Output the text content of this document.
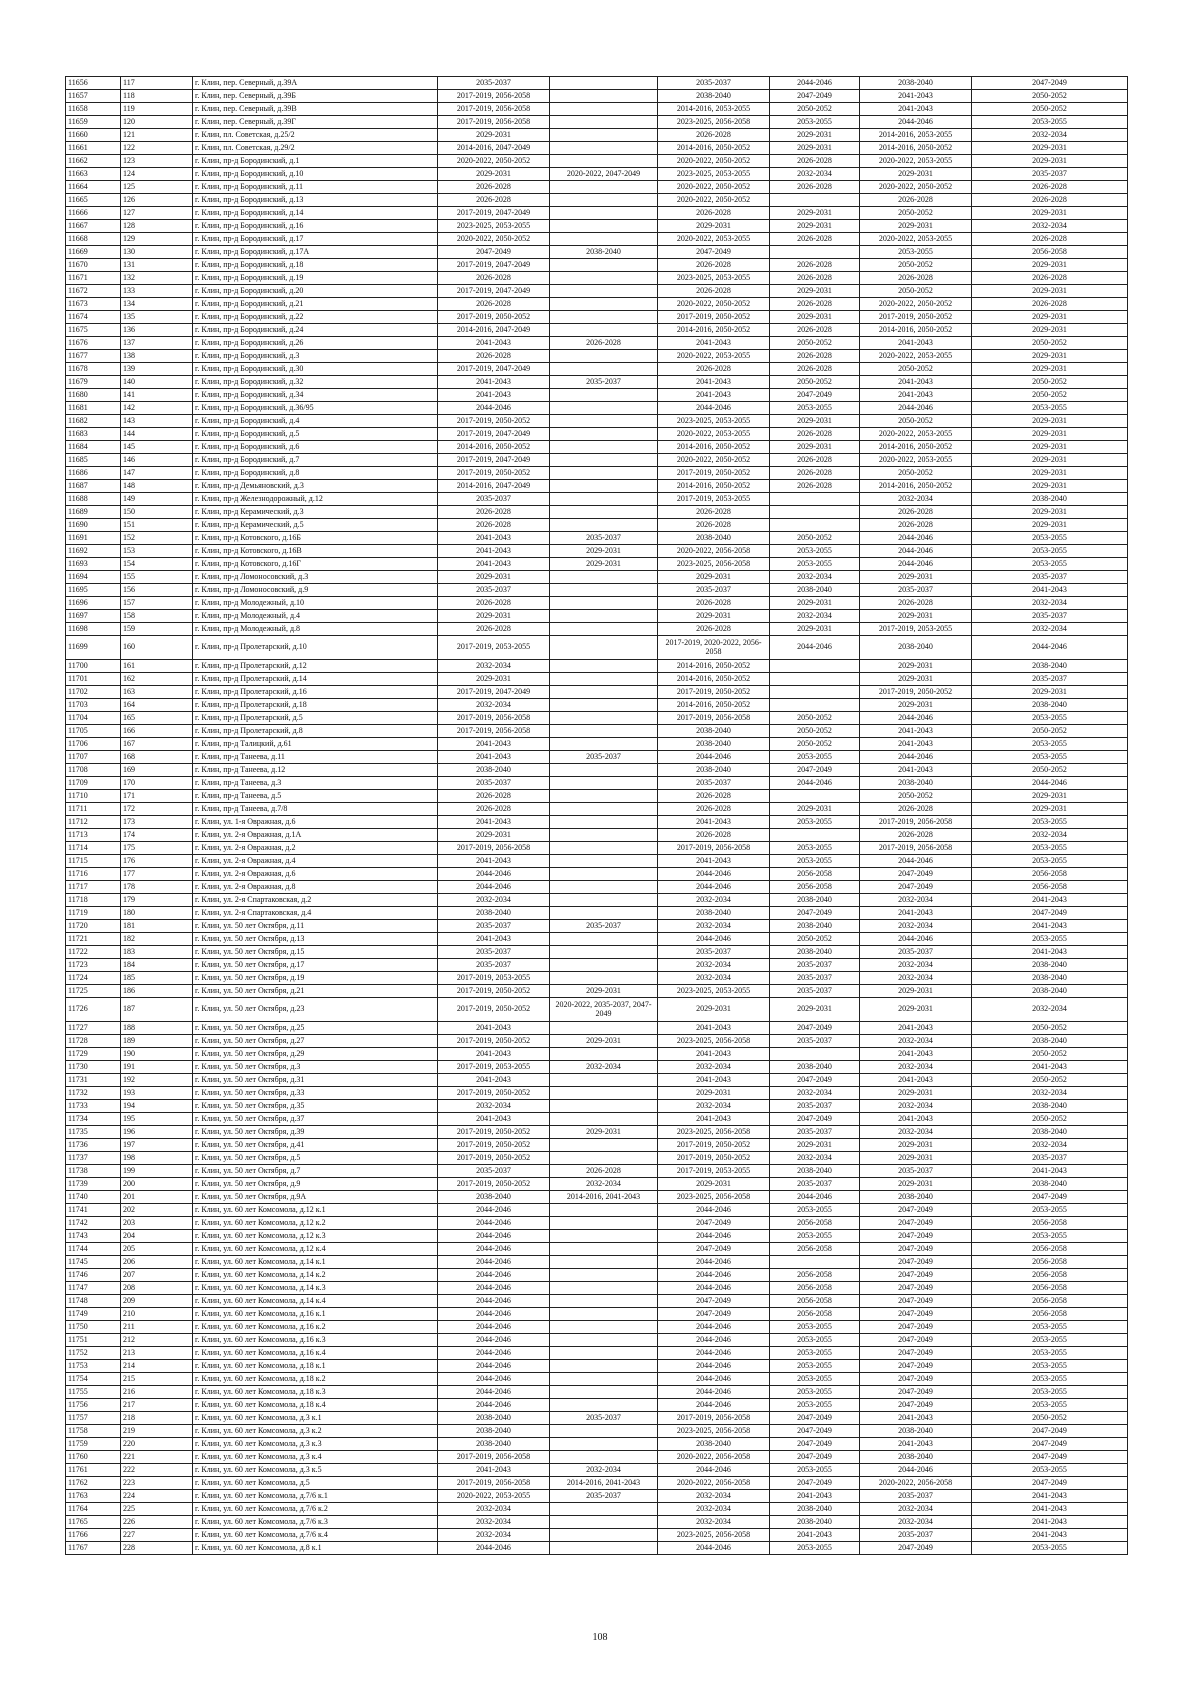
11656	117	г. Клин, пер. Северный, д.39А	2035-2037		2035-2037	2044-2046	2038-2040	2047-2049
11657	118	г. Клин, пер. Северный, д.39Б	2017-2019, 2056-2058		2038-2040	2047-2049	2041-2043	2050-2052
11658	119	г. Клин, пер. Северный, д.39В	2017-2019, 2056-2058		2014-2016, 2053-2055	2050-2052	2041-2043	2050-2052
11659	120	г. Клин, пер. Северный, д.39Г	2017-2019, 2056-2058		2023-2025, 2056-2058	2053-2055	2044-2046	2053-2055
11660	121	г. Клин, пл. Советская, д.25/2	2029-2031		2026-2028	2029-2031	2014-2016, 2053-2055	2032-2034
11661	122	г. Клин, пл. Советская, д.29/2	2014-2016, 2047-2049		2014-2016, 2050-2052	2029-2031	2014-2016, 2050-2052	2029-2031
11662	123	г. Клин, пр-д Бородинский, д.1	2020-2022, 2050-2052		2020-2022, 2050-2052	2026-2028	2020-2022, 2053-2055	2029-2031
11663	124	г. Клин, пр-д Бородинский, д.10	2029-2031	2020-2022, 2047-2049	2023-2025, 2053-2055	2032-2034	2029-2031	2035-2037
11664	125	г. Клин, пр-д Бородинский, д.11	2026-2028		2020-2022, 2050-2052	2026-2028	2020-2022, 2050-2052	2026-2028
11665	126	г. Клин, пр-д Бородинский, д.13	2026-2028		2020-2022, 2050-2052		2026-2028	2026-2028
11666	127	г. Клин, пр-д Бородинский, д.14	2017-2019, 2047-2049		2026-2028	2029-2031	2050-2052	2029-2031
11667	128	г. Клин, пр-д Бородинский, д.16	2023-2025, 2053-2055		2029-2031	2029-2031	2029-2031	2032-2034
11668	129	г. Клин, пр-д Бородинский, д.17	2020-2022, 2050-2052		2020-2022, 2053-2055	2026-2028	2020-2022, 2053-2055	2026-2028
11669	130	г. Клин, пр-д Бородинский, д.17А	2047-2049	2038-2040	2047-2049		2053-2055	2056-2058
11670	131	г. Клин, пр-д Бородинский, д.18	2017-2019, 2047-2049		2026-2028	2026-2028	2050-2052	2029-2031
11671	132	г. Клин, пр-д Бородинский, д.19	2026-2028		2023-2025, 2053-2055	2026-2028	2026-2028	2026-2028
11672	133	г. Клин, пр-д Бородинский, д.20	2017-2019, 2047-2049		2026-2028	2029-2031	2050-2052	2029-2031
11673	134	г. Клин, пр-д Бородинский, д.21	2026-2028		2020-2022, 2050-2052	2026-2028	2020-2022, 2050-2052	2026-2028
11674	135	г. Клин, пр-д Бородинский, д.22	2017-2019, 2050-2052		2017-2019, 2050-2052	2029-2031	2017-2019, 2050-2052	2029-2031
11675	136	г. Клин, пр-д Бородинский, д.24	2014-2016, 2047-2049		2014-2016, 2050-2052	2026-2028	2014-2016, 2050-2052	2029-2031
11676	137	г. Клин, пр-д Бородинский, д.26	2041-2043	2026-2028	2041-2043	2050-2052	2041-2043	2050-2052
11677	138	г. Клин, пр-д Бородинский, д.3	2026-2028		2020-2022, 2053-2055	2026-2028	2020-2022, 2053-2055	2029-2031
11678	139	г. Клин, пр-д Бородинский, д.30	2017-2019, 2047-2049		2026-2028	2026-2028	2050-2052	2029-2031
11679	140	г. Клин, пр-д Бородинский, д.32	2041-2043	2035-2037	2041-2043	2050-2052	2041-2043	2050-2052
11680	141	г. Клин, пр-д Бородинский, д.34	2041-2043		2041-2043	2047-2049	2041-2043	2050-2052
11681	142	г. Клин, пр-д Бородинский, д.36/95	2044-2046		2044-2046	2053-2055	2044-2046	2053-2055
11682	143	г. Клин, пр-д Бородинский, д.4	2017-2019, 2050-2052		2023-2025, 2053-2055	2029-2031	2050-2052	2029-2031
11683	144	г. Клин, пр-д Бородинский, д.5	2017-2019, 2047-2049		2020-2022, 2053-2055	2026-2028	2020-2022, 2053-2055	2029-2031
11684	145	г. Клин, пр-д Бородинский, д.6	2014-2016, 2050-2052		2014-2016, 2050-2052	2029-2031	2014-2016, 2050-2052	2029-2031
11685	146	г. Клин, пр-д Бородинский, д.7	2017-2019, 2047-2049		2020-2022, 2050-2052	2026-2028	2020-2022, 2053-2055	2029-2031
11686	147	г. Клин, пр-д Бородинский, д.8	2017-2019, 2050-2052		2017-2019, 2050-2052	2026-2028	2050-2052	2029-2031
11687	148	г. Клин, пр-д Демьяновский, д.3	2014-2016, 2047-2049		2014-2016, 2050-2052	2026-2028	2014-2016, 2050-2052	2029-2031
11688	149	г. Клин, пр-д Железнодорожный, д.12	2035-2037		2017-2019, 2053-2055		2032-2034	2038-2040
11689	150	г. Клин, пр-д Керамический, д.3	2026-2028		2026-2028		2026-2028	2029-2031
11690	151	г. Клин, пр-д Керамический, д.5	2026-2028		2026-2028		2026-2028	2029-2031
11691	152	г. Клин, пр-д Котовского, д.16Б	2041-2043	2035-2037	2038-2040	2050-2052	2044-2046	2053-2055
11692	153	г. Клин, пр-д Котовского, д.16В	2041-2043	2029-2031	2020-2022, 2056-2058	2053-2055	2044-2046	2053-2055
11693	154	г. Клин, пр-д Котовского, д.16Г	2041-2043	2029-2031	2023-2025, 2056-2058	2053-2055	2044-2046	2053-2055
11694	155	г. Клин, пр-д Ломоносовский, д.3	2029-2031		2029-2031	2032-2034	2029-2031	2035-2037
11695	156	г. Клин, пр-д Ломоносовский, д.9	2035-2037		2035-2037	2038-2040	2035-2037	2041-2043
11696	157	г. Клин, пр-д Молодежный, д.10	2026-2028		2026-2028	2029-2031	2026-2028	2032-2034
11697	158	г. Клин, пр-д Молодежный, д.4	2029-2031		2029-2031	2032-2034	2029-2031	2035-2037
11698	159	г. Клин, пр-д Молодежный, д.8	2026-2028		2026-2028	2029-2031	2017-2019, 2053-2055	2032-2034
11699	160	г. Клин, пр-д Пролетарский, д.10	2017-2019, 2053-2055		2017-2019, 2020-2022, 2056-2058	2044-2046	2038-2040	2044-2046
11700	161	г. Клин, пр-д Пролетарский, д.12	2032-2034		2014-2016, 2050-2052		2029-2031	2038-2040
11701	162	г. Клин, пр-д Пролетарский, д.14	2029-2031		2014-2016, 2050-2052		2029-2031	2035-2037
11702	163	г. Клин, пр-д Пролетарский, д.16	2017-2019, 2047-2049		2017-2019, 2050-2052		2017-2019, 2050-2052	2029-2031
11703	164	г. Клин, пр-д Пролетарский, д.18	2032-2034		2014-2016, 2050-2052		2029-2031	2038-2040
11704	165	г. Клин, пр-д Пролетарский, д.5	2017-2019, 2056-2058		2017-2019, 2056-2058	2050-2052	2044-2046	2053-2055
11705	166	г. Клин, пр-д Пролетарский, д.8	2017-2019, 2056-2058		2038-2040	2050-2052	2041-2043	2050-2052
11706	167	г. Клин, пр-д Талицкий, д.61	2041-2043		2038-2040	2050-2052	2041-2043	2053-2055
11707	168	г. Клин, пр-д Танеева, д.11	2041-2043	2035-2037	2044-2046	2053-2055	2044-2046	2053-2055
11708	169	г. Клин, пр-д Танеева, д.12	2038-2040		2038-2040	2047-2049	2041-2043	2050-2052
11709	170	г. Клин, пр-д Танеева, д.3	2035-2037		2035-2037	2044-2046	2038-2040	2044-2046
11710	171	г. Клин, пр-д Танеева, д.5	2026-2028		2026-2028		2050-2052	2029-2031
11711	172	г. Клин, пр-д Танеева, д.7/8	2026-2028		2026-2028	2029-2031	2026-2028	2029-2031
11712	173	г. Клин, ул. 1-я Овражная, д.6	2041-2043		2041-2043	2053-2055	2017-2019, 2056-2058	2053-2055
11713	174	г. Клин, ул. 2-я Овражная, д.1А	2029-2031		2026-2028		2026-2028	2032-2034
11714	175	г. Клин, ул. 2-я Овражная, д.2	2017-2019, 2056-2058		2017-2019, 2056-2058	2053-2055	2017-2019, 2056-2058	2053-2055
11715	176	г. Клин, ул. 2-я Овражная, д.4	2041-2043		2041-2043	2053-2055	2044-2046	2053-2055
11716	177	г. Клин, ул. 2-я Овражная, д.6	2044-2046		2044-2046	2056-2058	2047-2049	2056-2058
11717	178	г. Клин, ул. 2-я Овражная, д.8	2044-2046		2044-2046	2056-2058	2047-2049	2056-2058
11718	179	г. Клин, ул. 2-я Спартаковская, д.2	2032-2034		2032-2034	2038-2040	2032-2034	2041-2043
11719	180	г. Клин, ул. 2-я Спартаковская, д.4	2038-2040		2038-2040	2047-2049	2041-2043	2047-2049
11720	181	г. Клин, ул. 50 лет Октября, д.11	2035-2037	2035-2037	2032-2034	2038-2040	2032-2034	2041-2043
11721	182	г. Клин, ул. 50 лет Октября, д.13	2041-2043		2044-2046	2050-2052	2044-2046	2053-2055
11722	183	г. Клин, ул. 50 лет Октября, д.15	2035-2037		2035-2037	2038-2040	2035-2037	2041-2043
11723	184	г. Клин, ул. 50 лет Октября, д.17	2035-2037		2032-2034	2035-2037	2032-2034	2038-2040
11724	185	г. Клин, ул. 50 лет Октября, д.19	2017-2019, 2053-2055		2032-2034	2035-2037	2032-2034	2038-2040
11725	186	г. Клин, ул. 50 лет Октября, д.21	2017-2019, 2050-2052	2029-2031	2023-2025, 2053-2055	2035-2037	2029-2031	2038-2040
11726	187	г. Клин, ул. 50 лет Октября, д.23	2017-2019, 2050-2052	2020-2022, 2035-2037, 2047-2049	2029-2031	2029-2031	2029-2031	2032-2034
11727	188	г. Клин, ул. 50 лет Октября, д.25	2041-2043		2041-2043	2047-2049	2041-2043	2050-2052
11728	189	г. Клин, ул. 50 лет Октября, д.27	2017-2019, 2050-2052	2029-2031	2023-2025, 2056-2058	2035-2037	2032-2034	2038-2040
11729	190	г. Клин, ул. 50 лет Октября, д.29	2041-2043		2041-2043		2041-2043	2050-2052
11730	191	г. Клин, ул. 50 лет Октября, д.3	2017-2019, 2053-2055	2032-2034	2032-2034	2038-2040	2032-2034	2041-2043
11731	192	г. Клин, ул. 50 лет Октября, д.31	2041-2043		2041-2043	2047-2049	2041-2043	2050-2052
11732	193	г. Клин, ул. 50 лет Октября, д.33	2017-2019, 2050-2052		2029-2031	2032-2034	2029-2031	2032-2034
11733	194	г. Клин, ул. 50 лет Октября, д.35	2032-2034		2032-2034	2035-2037	2032-2034	2038-2040
11734	195	г. Клин, ул. 50 лет Октября, д.37	2041-2043		2041-2043	2047-2049	2041-2043	2050-2052
11735	196	г. Клин, ул. 50 лет Октября, д.39	2017-2019, 2050-2052	2029-2031	2023-2025, 2056-2058	2035-2037	2032-2034	2038-2040
11736	197	г. Клин, ул. 50 лет Октября, д.41	2017-2019, 2050-2052		2017-2019, 2050-2052	2029-2031	2029-2031	2032-2034
11737	198	г. Клин, ул. 50 лет Октября, д.5	2017-2019, 2050-2052		2017-2019, 2050-2052	2032-2034	2029-2031	2035-2037
11738	199	г. Клин, ул. 50 лет Октября, д.7	2035-2037	2026-2028	2017-2019, 2053-2055	2038-2040	2035-2037	2041-2043
11739	200	г. Клин, ул. 50 лет Октября, д.9	2017-2019, 2050-2052	2032-2034	2029-2031	2035-2037	2029-2031	2038-2040
11740	201	г. Клин, ул. 50 лет Октября, д.9А	2038-2040	2014-2016, 2041-2043	2023-2025, 2056-2058	2044-2046	2038-2040	2047-2049
11741	202	г. Клин, ул. 60 лет Комсомола, д.12 к.1	2044-2046		2044-2046	2053-2055	2047-2049	2053-2055
11742	203	г. Клин, ул. 60 лет Комсомола, д.12 к.2	2044-2046		2047-2049	2056-2058	2047-2049	2056-2058
11743	204	г. Клин, ул. 60 лет Комсомола, д.12 к.3	2044-2046		2044-2046	2053-2055	2047-2049	2053-2055
11744	205	г. Клин, ул. 60 лет Комсомола, д.12 к.4	2044-2046		2047-2049	2056-2058	2047-2049	2056-2058
11745	206	г. Клин, ул. 60 лет Комсомола, д.14 к.1	2044-2046		2044-2046		2047-2049	2056-2058
11746	207	г. Клин, ул. 60 лет Комсомола, д.14 к.2	2044-2046		2044-2046	2056-2058	2047-2049	2056-2058
11747	208	г. Клин, ул. 60 лет Комсомола, д.14 к.3	2044-2046		2044-2046	2056-2058	2047-2049	2056-2058
11748	209	г. Клин, ул. 60 лет Комсомола, д.14 к.4	2044-2046		2047-2049	2056-2058	2047-2049	2056-2058
11749	210	г. Клин, ул. 60 лет Комсомола, д.16 к.1	2044-2046		2047-2049	2056-2058	2047-2049	2056-2058
11750	211	г. Клин, ул. 60 лет Комсомола, д.16 к.2	2044-2046		2044-2046	2053-2055	2047-2049	2053-2055
11751	212	г. Клин, ул. 60 лет Комсомола, д.16 к.3	2044-2046		2044-2046	2053-2055	2047-2049	2053-2055
11752	213	г. Клин, ул. 60 лет Комсомола, д.16 к.4	2044-2046		2044-2046	2053-2055	2047-2049	2053-2055
11753	214	г. Клин, ул. 60 лет Комсомола, д.18 к.1	2044-2046		2044-2046	2053-2055	2047-2049	2053-2055
11754	215	г. Клин, ул. 60 лет Комсомола, д.18 к.2	2044-2046		2044-2046	2053-2055	2047-2049	2053-2055
11755	216	г. Клин, ул. 60 лет Комсомола, д.18 к.3	2044-2046		2044-2046	2053-2055	2047-2049	2053-2055
11756	217	г. Клин, ул. 60 лет Комсомола, д.18 к.4	2044-2046		2044-2046	2053-2055	2047-2049	2053-2055
11757	218	г. Клин, ул. 60 лет Комсомола, д.3 к.1	2038-2040	2035-2037	2017-2019, 2056-2058	2047-2049	2041-2043	2050-2052
11758	219	г. Клин, ул. 60 лет Комсомола, д.3 к.2	2038-2040		2023-2025, 2056-2058	2047-2049	2038-2040	2047-2049
11759	220	г. Клин, ул. 60 лет Комсомола, д.3 к.3	2038-2040		2038-2040	2047-2049	2041-2043	2047-2049
11760	221	г. Клин, ул. 60 лет Комсомола, д.3 к.4	2017-2019, 2056-2058		2020-2022, 2056-2058	2047-2049	2038-2040	2047-2049
11761	222	г. Клин, ул. 60 лет Комсомола, д.3 к.5	2041-2043	2032-2034	2044-2046	2053-2055	2044-2046	2053-2055
11762	223	г. Клин, ул. 60 лет Комсомола, д.5	2017-2019, 2056-2058	2014-2016, 2041-2043	2020-2022, 2056-2058	2047-2049	2020-2022, 2056-2058	2047-2049
11763	224	г. Клин, ул. 60 лет Комсомола, д.7/6 к.1	2020-2022, 2053-2055	2035-2037	2032-2034	2041-2043	2035-2037	2041-2043
11764	225	г. Клин, ул. 60 лет Комсомола, д.7/6 к.2	2032-2034		2032-2034	2038-2040	2032-2034	2041-2043
11765	226	г. Клин, ул. 60 лет Комсомола, д.7/6 к.3	2032-2034		2032-2034	2038-2040	2032-2034	2041-2043
11766	227	г. Клин, ул. 60 лет Комсомола, д.7/6 к.4	2032-2034		2023-2025, 2056-2058	2041-2043	2035-2037	2041-2043
11767	228	г. Клин, ул. 60 лет Комсомола, д.8 к.1	2044-2046		2044-2046	2053-2055	2047-2049	2053-2055
108
